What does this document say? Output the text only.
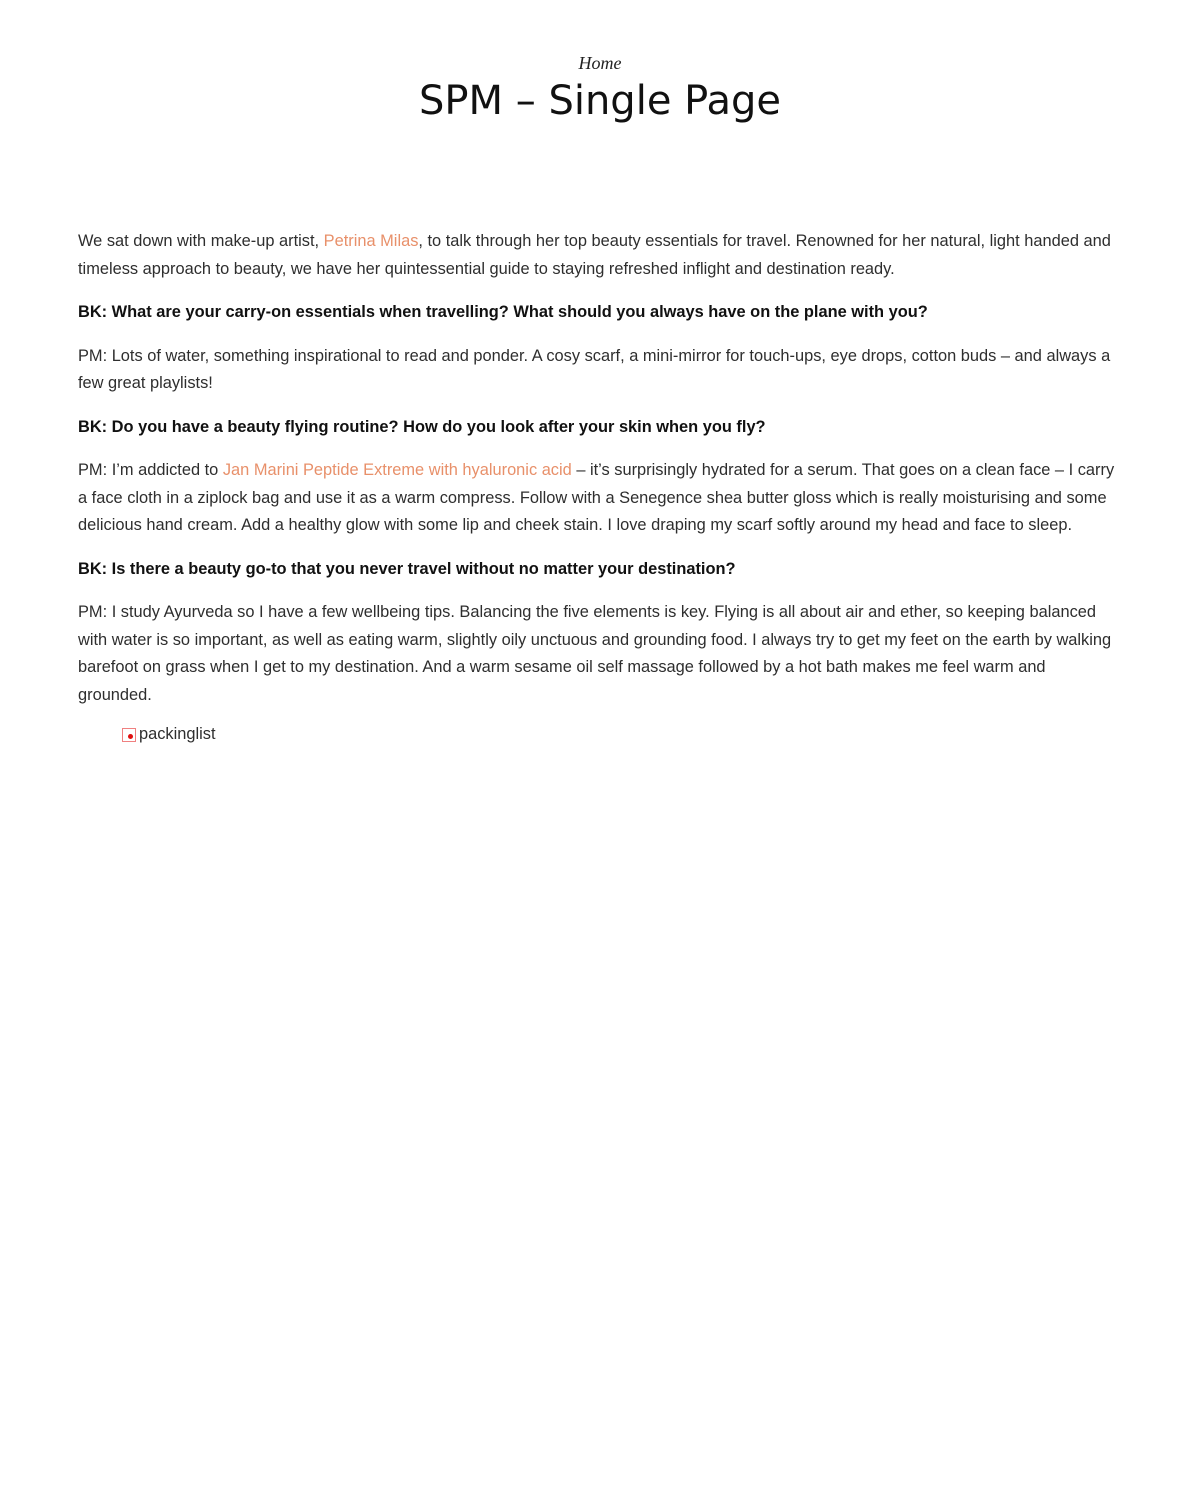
Home
SPM – Single Page

We sat down with make-up artist, Petrina Milas, to talk through her top beauty essentials for travel. Renowned for her natural, light handed and timeless approach to beauty, we have her quintessential guide to staying refreshed inflight and destination ready.

BK: What are your carry-on essentials when travelling? What should you always have on the plane with you?

PM: Lots of water, something inspirational to read and ponder. A cosy scarf, a mini-mirror for touch-ups, eye drops, cotton buds – and always a few great playlists!

BK: Do you have a beauty flying routine? How do you look after your skin when you fly?

PM: I’m addicted to Jan Marini Peptide Extreme with hyaluronic acid – it’s surprisingly hydrated for a serum. That goes on a clean face – I carry a face cloth in a ziplock bag and use it as a warm compress. Follow with a Senegence shea butter gloss which is really moisturising and some delicious hand cream. Add a healthy glow with some lip and cheek stain. I love draping my scarf softly around my head and face to sleep.

BK: Is there a beauty go-to that you never travel without no matter your destination?

PM: I study Ayurveda so I have a few wellbeing tips. Balancing the five elements is key. Flying is all about air and ether, so keeping balanced with water is so important, as well as eating warm, slightly oily unctuous and grounding food. I always try to get my feet on the earth by walking barefoot on grass when I get to my destination. And a warm sesame oil self massage followed by a hot bath makes me feel warm and grounded.

packinglist
